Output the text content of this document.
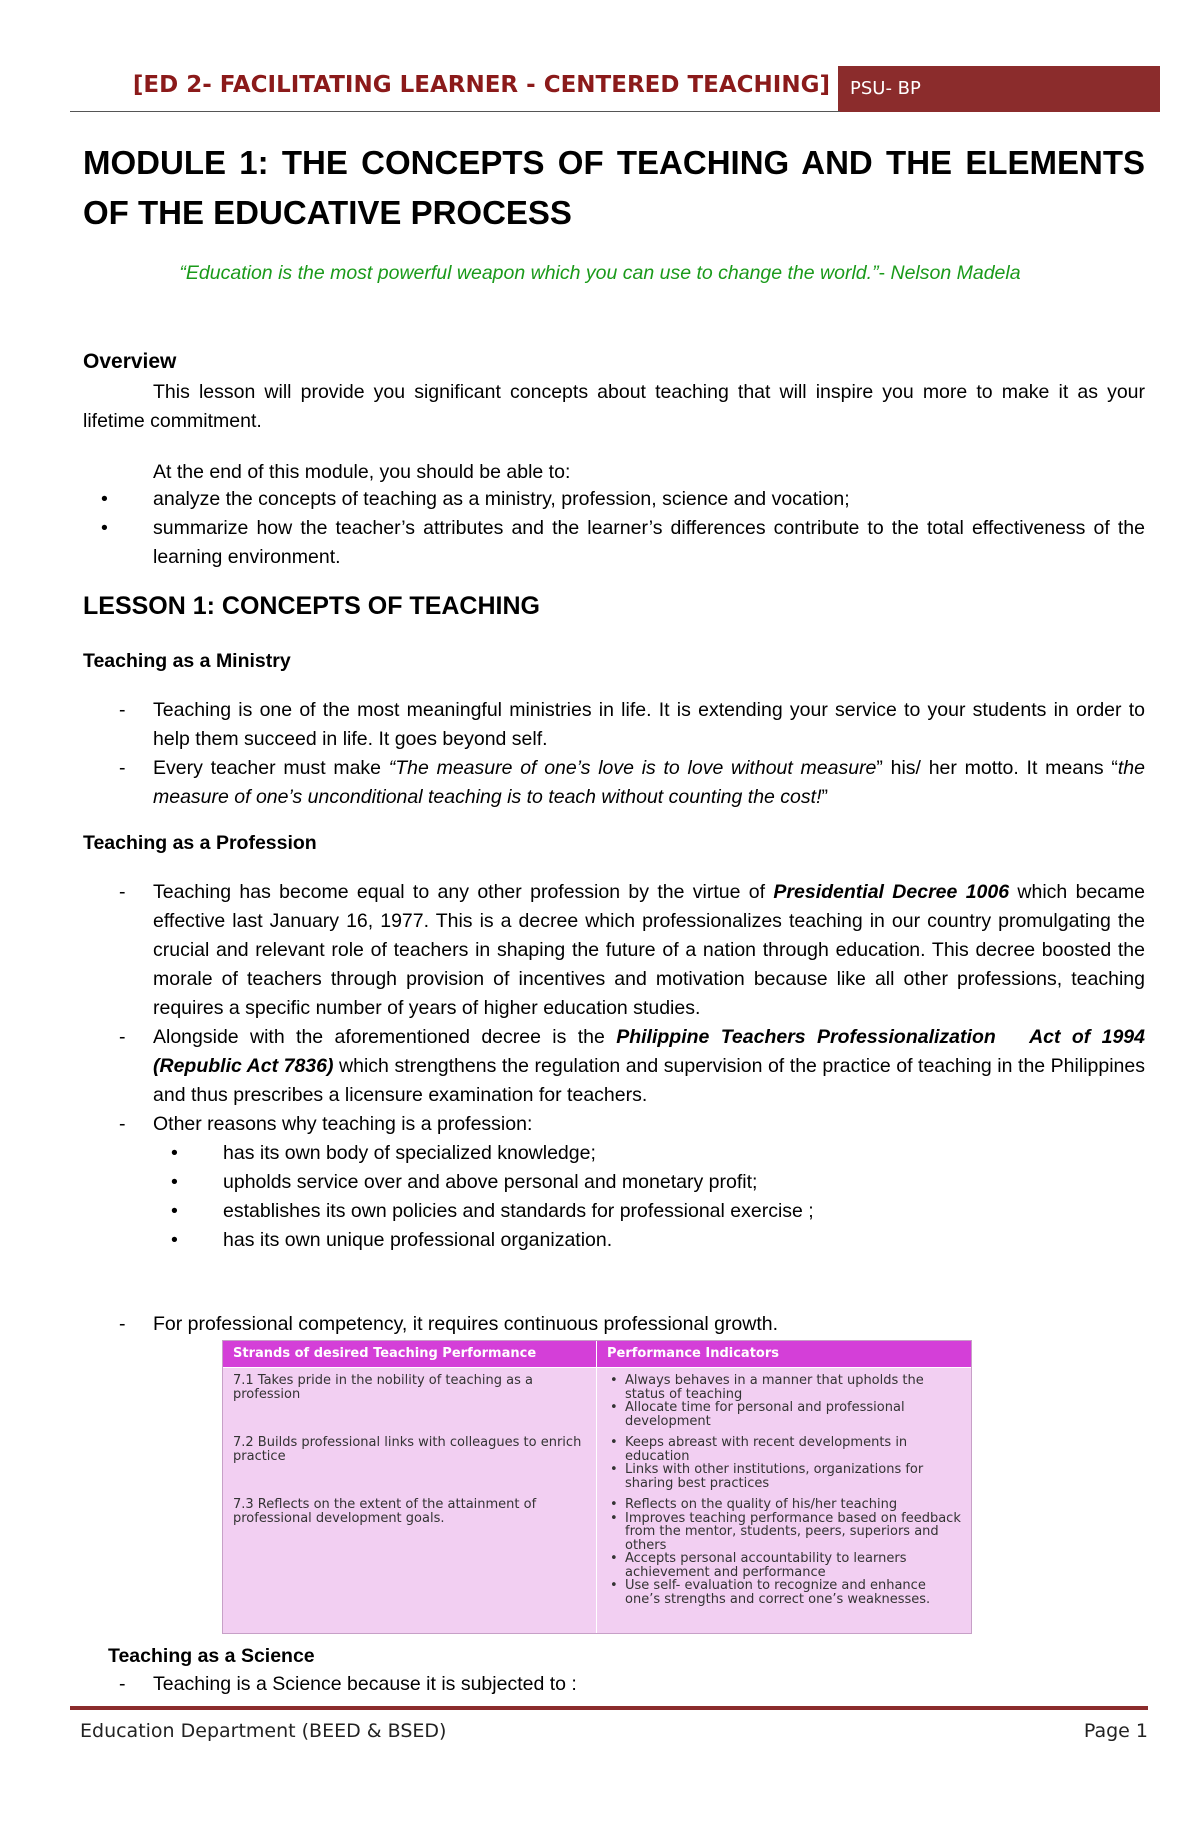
[ED 2- FACILITATING LEARNER - CENTERED TEACHING]	PSU- BP
MODULE 1: THE CONCEPTS OF TEACHING AND THE ELEMENTS OF THE EDUCATIVE PROCESS
“Education is the most powerful weapon which you can use to change the world.”- Nelson Madela
Overview
This lesson will provide you significant concepts about teaching that will inspire you more to make it as your lifetime commitment.
At the end of this module, you should be able to:
• analyze the concepts of teaching as a ministry, profession, science and vocation;
• summarize how the teacher’s attributes and the learner’s differences contribute to the total effectiveness of the learning environment.
LESSON 1: CONCEPTS OF TEACHING
Teaching as a Ministry
- Teaching is one of the most meaningful ministries in life. It is extending your service to your students in order to help them succeed in life. It goes beyond self.
- Every teacher must make “The measure of one’s love is to love without measure” his/ her motto. It means “the measure of one’s unconditional teaching is to teach without counting the cost!”
Teaching as a Profession
- Teaching has become equal to any other profession by the virtue of Presidential Decree 1006 which became effective last January 16, 1977. This is a decree which professionalizes teaching in our country promulgating the crucial and relevant role of teachers in shaping the future of a nation through education. This decree boosted the morale of teachers through provision of incentives and motivation because like all other professions, teaching requires a specific number of years of higher education studies.
- Alongside with the aforementioned decree is the Philippine Teachers Professionalization   Act of 1994 (Republic Act 7836) which strengthens the regulation and supervision of the practice of teaching in the Philippines and thus prescribes a licensure examination for teachers.
- Other reasons why teaching is a profession:
• has its own body of specialized knowledge;
• upholds service over and above personal and monetary profit;
• establishes its own policies and standards for professional exercise ;
• has its own unique professional organization.
- For professional competency, it requires continuous professional growth.
Strands of desired Teaching Performance	Performance Indicators
7.1 Takes pride in the nobility of teaching as a profession
• Always behaves in a manner that upholds the status of teaching
• Allocate time for personal and professional development
7.2 Builds professional links with colleagues to enrich practice
• Keeps abreast with recent developments in education
• Links with other institutions, organizations for sharing best practices
7.3 Reflects on the extent of the attainment of professional development goals.
• Reflects on the quality of his/her teaching
• Improves teaching performance based on feedback from the mentor, students, peers, superiors and others
• Accepts personal accountability to learners achievement and performance
• Use self- evaluation to recognize and enhance one’s strengths and correct one’s weaknesses.
Teaching as a Science
- Teaching is a Science because it is subjected to :
Education Department (BEED & BSED)	Page 1
